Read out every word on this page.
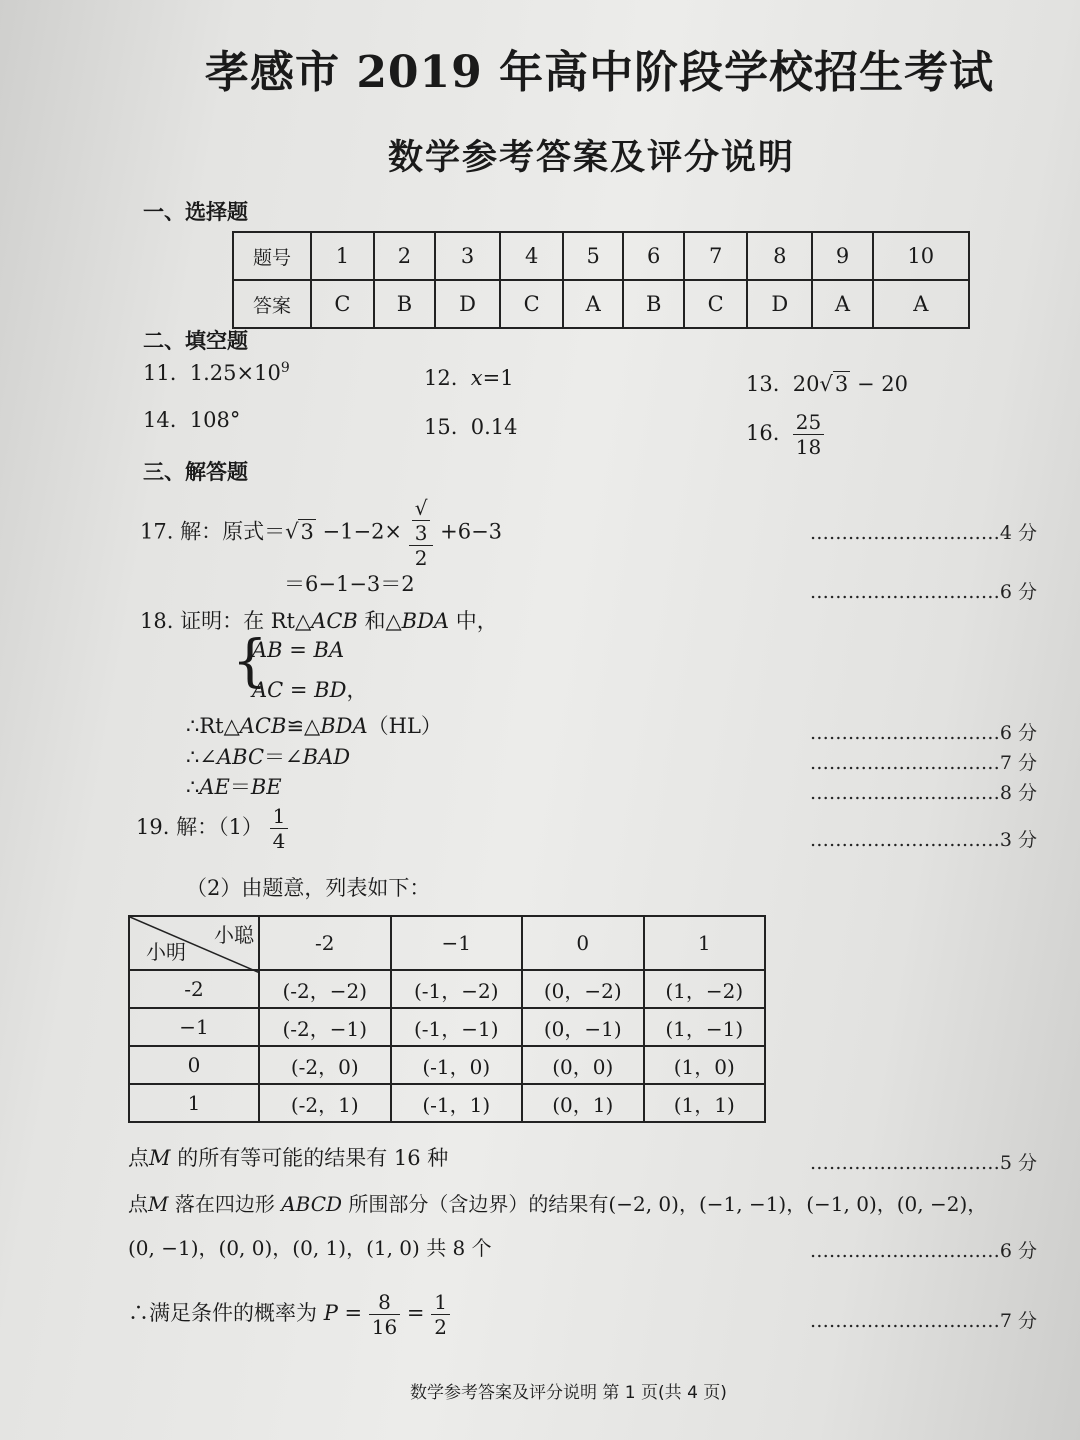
孝感市 2019 年高中阶段学校招生考试
数学参考答案及评分说明
一、选择题
题号	1	2	3	4	5	6	7	8	9	10
答案	C	B	D	C	A	B	C	D	A	A
二、填空题
11. $1.25\times 10^9$	12. x=1	13. 20√3 − 20
14. 108°	15. 0.14	16. $\frac{25}{18}$
三、解答题
17. 解：原式＝√3 −1−2× √
3
2 +6−3	…………………………4 分
＝6−1−3＝2	…………………………6 分
18. 证明：在 Rt△ACB 和△BDA 中，
{
AB = BA
AC = BD，
∴Rt△ACB≌△BDA（HL）	…………………………6 分
∴∠ABC＝∠BAD	…………………………7 分
∴AE＝BE	…………………………8 分
19. 解：$(1) \frac{1}{4}$	…………………………3 分
（2）由题意，列表如下：
小聪
小明	-2	−1	0	1
-2	(-2，−2)	(-1，−2)	(0，−2)	(1，−2)
−1	(-2，−1)	(-1，−1)	(0，−1)	(1，−1)
0	(-2，0)	(-1，0)	(0，0)	(1，0)
1	(-2，1)	(-1，1)	(0，1)	(1，1)
点M 的所有等可能的结果有 16 种	…………………………5 分
点M 落在四边形 ABCD 所围部分（含边界）的结果有(−2, 0)，(−1, −1)，(−1, 0)，(0, −2)，
(0, −1)，(0, 0)，(0, 1)，(1, 0) 共 8 个	…………………………6 分
∴满足条件的概率为 $P = \frac{8}{16} = \frac{1}{2}$	…………………………7 分
数学参考答案及评分说明 第 1 页(共 4 页)
